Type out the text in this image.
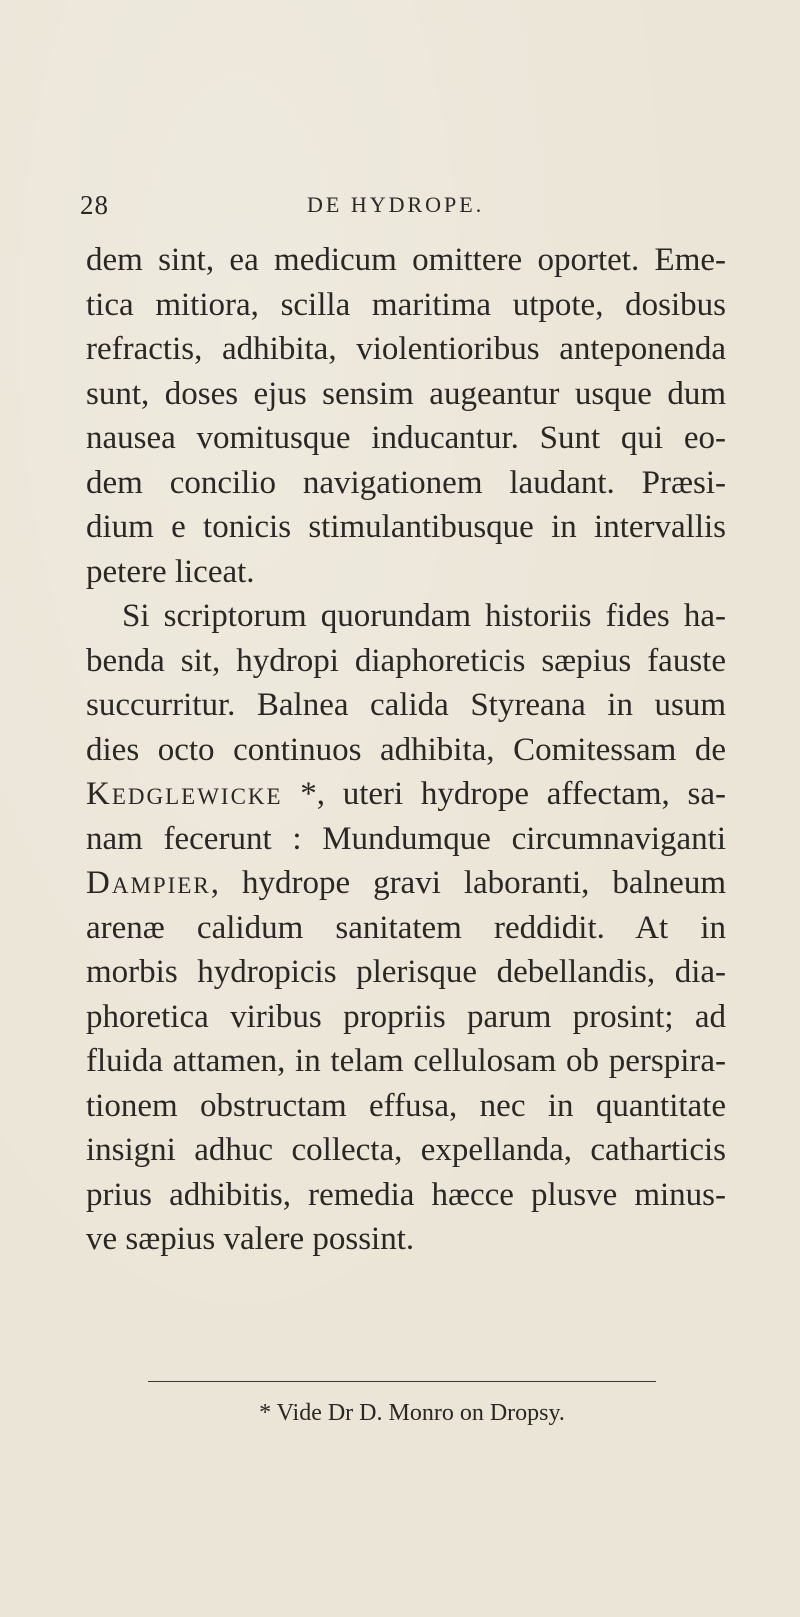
28	DE HYDROPE.
dem sint, ea medicum omittere oportet. Eme-
tica mitiora, scilla maritima utpote, dosibus
refractis, adhibita, violentioribus anteponenda
sunt, doses ejus sensim augeantur usque dum
nausea vomitusque inducantur. Sunt qui eo-
dem concilio navigationem laudant. Præsi-
dium e tonicis stimulantibusque in intervallis
petere liceat.
Si scriptorum quorundam historiis fides ha-
benda sit, hydropi diaphoreticis sæpius fauste
succurritur. Balnea calida Styreana in usum
dies octo continuos adhibita, Comitessam de
Kedglewicke *, uteri hydrope affectam, sa-
nam fecerunt : Mundumque circumnaviganti
Dampier, hydrope gravi laboranti, balneum
arenæ calidum sanitatem reddidit. At in
morbis hydropicis plerisque debellandis, dia-
phoretica viribus propriis parum prosint; ad
fluida attamen, in telam cellulosam ob perspira-
tionem obstructam effusa, nec in quantitate
insigni adhuc collecta, expellanda, catharticis
prius adhibitis, remedia hæcce plusve minus-
ve sæpius valere possint.
* Vide Dr D. Monro on Dropsy.
